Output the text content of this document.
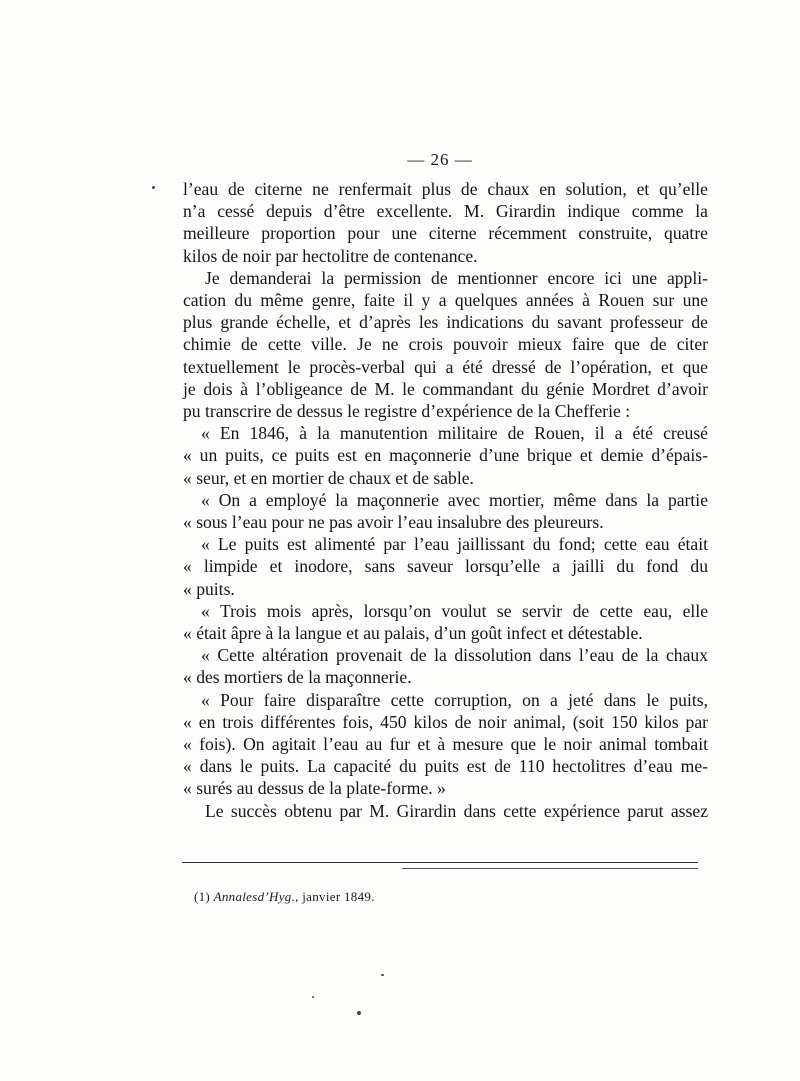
— 26 —

l’eau de citerne ne renfermait plus de chaux en solution, et qu’elle

n’a cessé depuis d’être excellente. M. Girardin indique comme la

meilleure proportion pour une citerne récemment construite, quatre

kilos de noir par hectolitre de contenance.

Je demanderai la permission de mentionner encore ici une appli-

cation du même genre, faite il y a quelques années à Rouen sur une

plus grande échelle, et d’après les indications du savant professeur de

chimie de cette ville. Je ne crois pouvoir mieux faire que de citer

textuellement le procès-verbal qui a été dressé de l’opération, et que

je dois à l’obligeance de M. le commandant du génie Mordret d’avoir

pu transcrire de dessus le registre d’expérience de la Chefferie :

« En 1846, à la manutention militaire de Rouen, il a été creusé

« un puits, ce puits est en maçonnerie d’une brique et demie d’épais-

« seur, et en mortier de chaux et de sable.

« On a employé la maçonnerie avec mortier, même dans la partie

« sous l’eau pour ne pas avoir l’eau insalubre des pleureurs.

« Le puits est alimenté par l’eau jaillissant du fond; cette eau était

« limpide et inodore, sans saveur lorsqu’elle a jailli du fond du

« puits.

« Trois mois après, lorsqu’on voulut se servir de cette eau, elle

« était âpre à la langue et au palais, d’un goût infect et détestable.

« Cette altération provenait de la dissolution dans l’eau de la chaux

« des mortiers de la maçonnerie.

« Pour faire disparaître cette corruption, on a jeté dans le puits,

« en trois différentes fois, 450 kilos de noir animal, (soit 150 kilos par

« fois). On agitait l’eau au fur et à mesure que le noir animal tombait

« dans le puits. La capacité du puits est de 110 hectolitres d’eau me-

« surés au dessus de la plate-forme. »

Le succès obtenu par M. Girardin dans cette expérience parut assez

(1) Annalesd’Hyg., janvier 1849.
